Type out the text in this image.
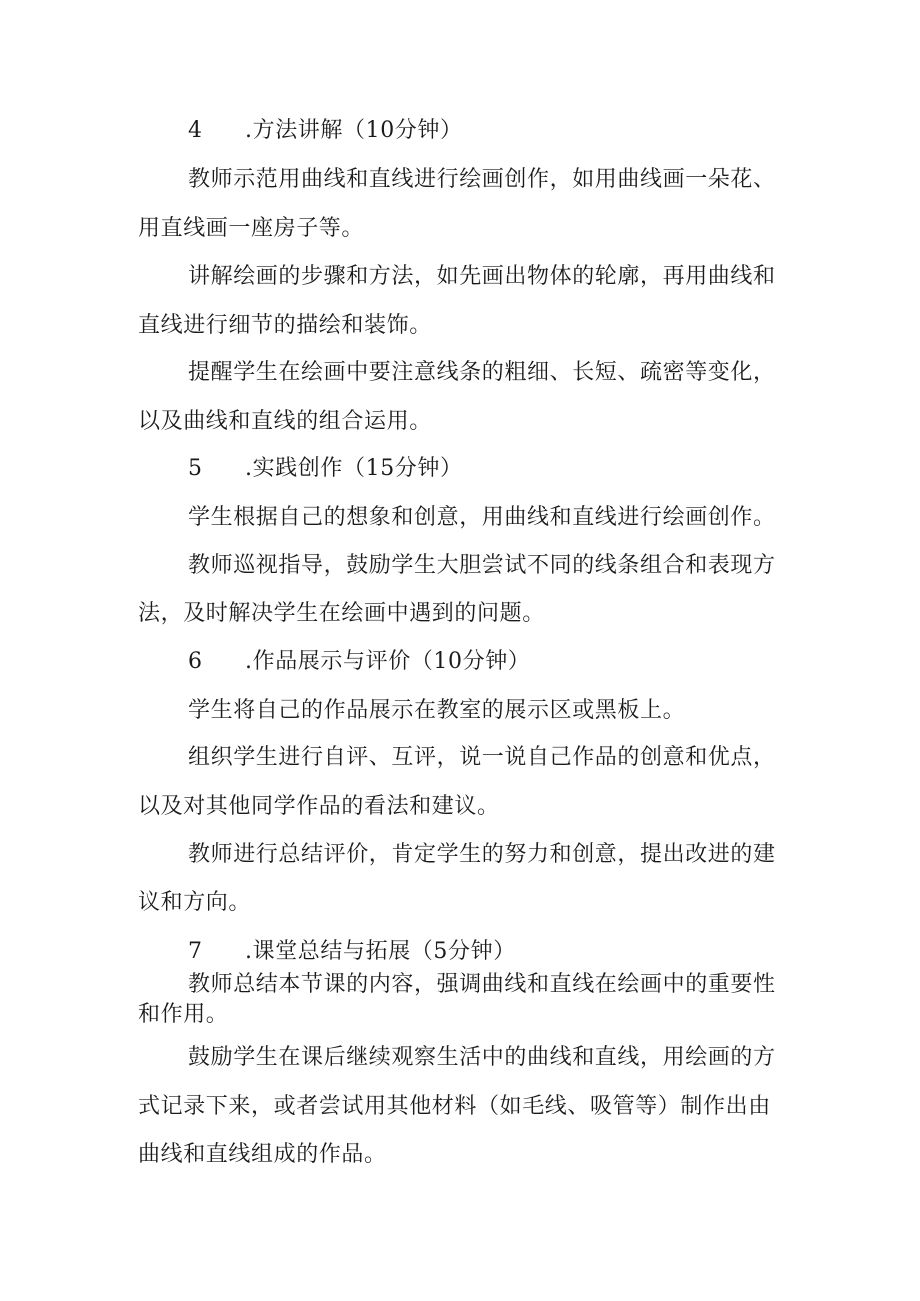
4 .方法讲解（10分钟）
教师示范用曲线和直线进行绘画创作，如用曲线画一朵花、
用直线画一座房子等。
讲解绘画的步骤和方法，如先画出物体的轮廓，再用曲线和
直线进行细节的描绘和装饰。
提醒学生在绘画中要注意线条的粗细、长短、疏密等变化，
以及曲线和直线的组合运用。
5 .实践创作（15分钟）
学生根据自己的想象和创意，用曲线和直线进行绘画创作。
教师巡视指导，鼓励学生大胆尝试不同的线条组合和表现方
法，及时解决学生在绘画中遇到的问题。
6 .作品展示与评价（10分钟）
学生将自己的作品展示在教室的展示区或黑板上。
组织学生进行自评、互评，说一说自己作品的创意和优点，
以及对其他同学作品的看法和建议。
教师进行总结评价，肯定学生的努力和创意，提出改进的建
议和方向。
7 .课堂总结与拓展（5分钟）
教师总结本节课的内容，强调曲线和直线在绘画中的重要性
和作用。
鼓励学生在课后继续观察生活中的曲线和直线，用绘画的方
式记录下来，或者尝试用其他材料（如毛线、吸管等）制作出由
曲线和直线组成的作品。
